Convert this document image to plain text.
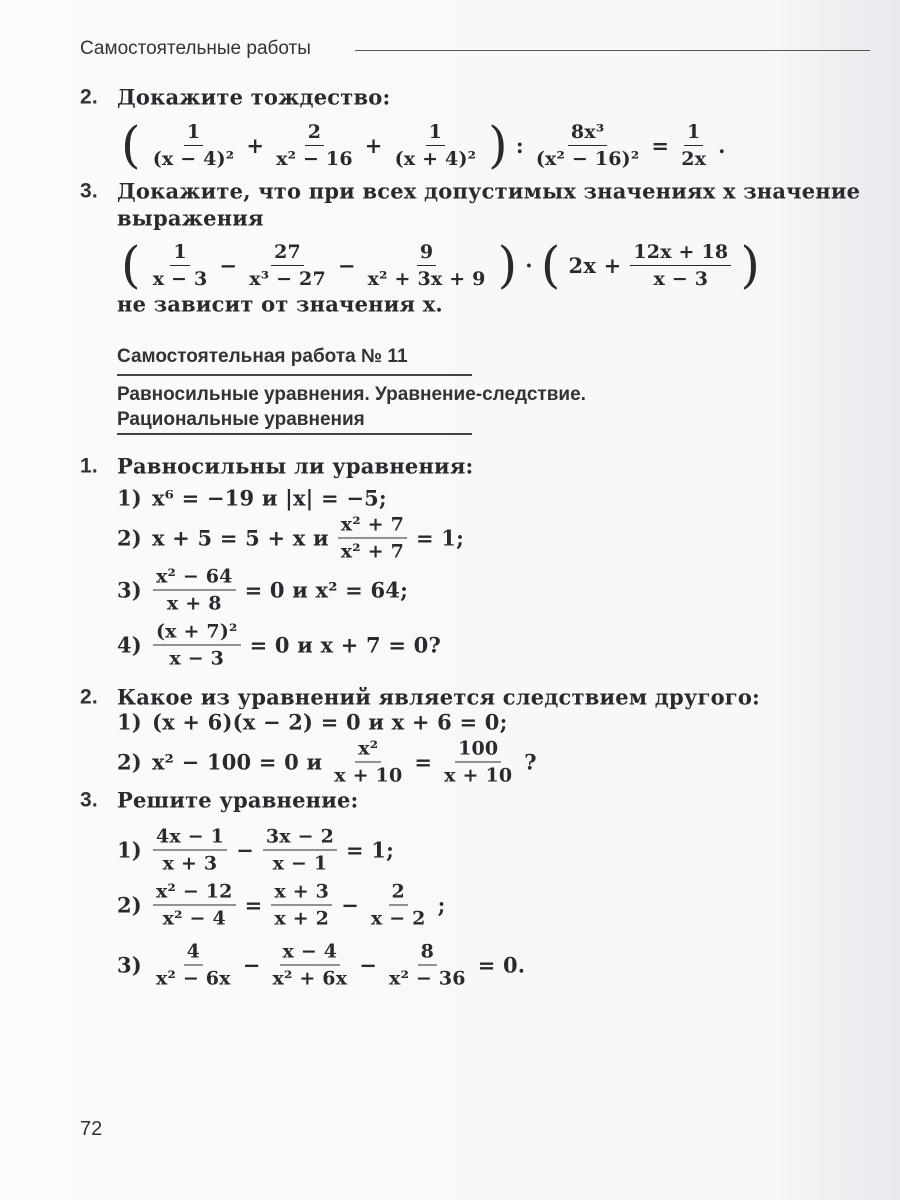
Самостоятельные работы
2. Докажите тождество:
( $\frac{1}{\text{(x − 4)²}} + \frac{2}{\text{x² − 16}} + \frac{1}{\text{(x + 4)²}}$ ) : $\frac{\text{8x³}}{\text{(x² − 16)²}} = \frac{1}{2x}$ .
3. Докажите, что при всех допустимых значениях x значение
выражения
( $\frac{1}{x - 3} - \frac{27}{\text{x³ − 27}} - \frac{9}{\text{x² + 3x + 9}}$ ) · ( $2x + \frac{12x + 18}{x - 3}$ )
не зависит от значения x.
Самостоятельная работа № 11
Равносильные уравнения. Уравнение-следствие.
Рациональные уравнения
1. Равносильны ли уравнения:
1) x⁶ = −19 и |x| = −5;
2) x + 5 = 5 + x и $\frac{\text{x² + 7}}{\text{x² + 7}} = 1$;
$3) \frac{\text{x² − 64}}{x + 8} = 0$ и x² = 64;
$4) \frac{\text{(x + 7)²}}{x - 3} = 0$ и x + 7 = 0?
2. Какое из уравнений является следствием другого:
1) (x + 6)(x − 2) = 0 и x + 6 = 0;
2) x² − 100 = 0 и $\frac{\text{x²}}{x + 10} = \frac{100}{x + 10}$ ?
3. Решите уравнение:
$1) \frac{4x - 1}{x + 3} - \frac{3x - 2}{x - 1} = 1$;
$2) \frac{\text{x² − 12}}{\text{x² − 4}} = \frac{x + 3}{x + 2} - \frac{2}{x - 2}$ ;
$3) \frac{4}{\text{x² − 6x}} - \frac{x - 4}{\text{x² + 6x}} - \frac{8}{\text{x² − 36}} = 0$.
72
